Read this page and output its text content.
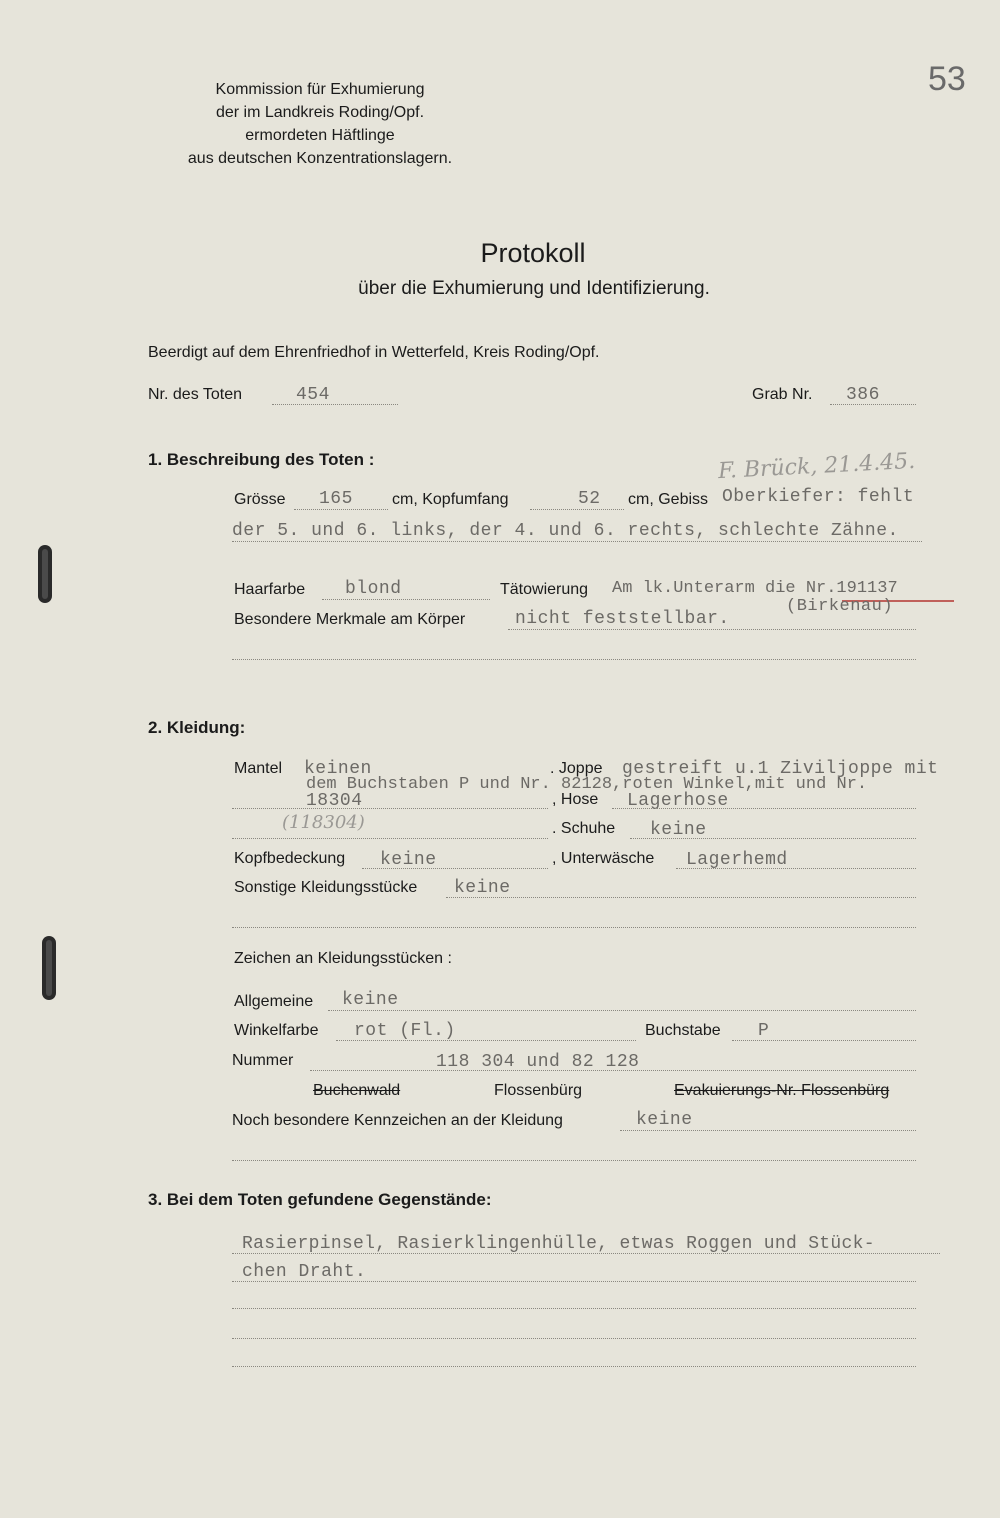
53
Kommission für Exhumierung
der im Landkreis Roding/Opf.
ermordeten Häftlinge
aus deutschen Konzentrationslagern.
Protokoll
über die Exhumierung und Identifizierung.
Beerdigt auf dem Ehrenfriedhof in Wetterfeld, Kreis Roding/Opf.
Nr. des Toten	454	Grab Nr. 386
1. Beschreibung des Toten :	F. Brück, 21.4.45.
Grösse 165 cm, Kopfumfang	52 cm, Gebiss Oberkiefer: fehlt
der 5. und 6. links, der 4. und 6. rechts, schlechte Zähne.
Haarfarbe blond	Tätowierung Am lk.Unterarm die Nr.191137
(Birkenau)
Besondere Merkmale am Körper	nicht feststellbar.
2. Kleidung:
Mantel keinen	. Joppe gestreift u.1 Ziviljoppe mit
dem Buchstaben P und Nr. 82128,roten Winkel,mit und Nr.
18304	, Hose Lagerhose
(118304)	. Schuhe keine
Kopfbedeckung keine	, Unterwäsche Lagerhemd
Sonstige Kleidungsstücke keine
Zeichen an Kleidungsstücken :
Allgemeine keine
Winkelfarbe rot (Fl.)	Buchstabe P
Nummer	118 304 und 82 128
Buchenwald	Flossenbürg	Evakuierungs-Nr. Flossenbürg
Noch besondere Kennzeichen an der Kleidung	keine
3. Bei dem Toten gefundene Gegenstände:
Rasierpinsel, Rasierklingenhülle, etwas Roggen und Stück-
chen Draht.
